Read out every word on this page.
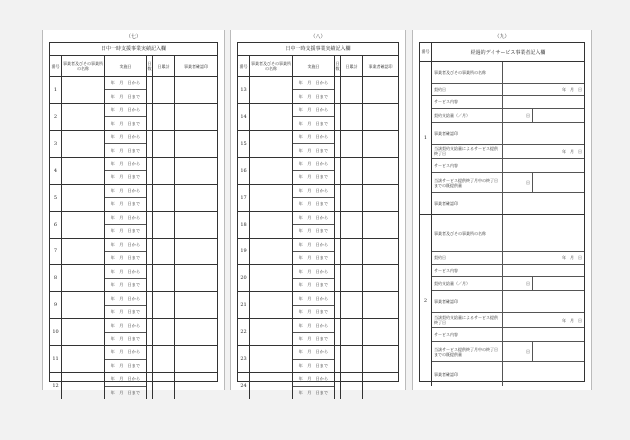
（七）
日中一時支援事業実績記入欄
番号 事業者及びその事業所の名称	実施日	日数	日累計	事業者確認印
1
年　月　日から
年　月　日まで
2
年　月　日から
年　月　日まで
3
年　月　日から
年　月　日まで
4
年　月　日から
年　月　日まで
5
年　月　日から
年　月　日まで
6
年　月　日から
年　月　日まで
7
年　月　日から
年　月　日まで
8
年　月　日から
年　月　日まで
9
年　月　日から
年　月　日まで
10
年　月　日から
年　月　日まで
11
年　月　日から
年　月　日まで
12
年　月　日から
年　月　日まで
（八）
日中一時支援事業実績記入欄
番号 事業者及びその事業所の名称	実施日	日数	日累計	事業者確認印
13
年　月　日から
年　月　日まで
14
年　月　日から
年　月　日まで
15
年　月　日から
年　月　日まで
16
年　月　日から
年　月　日まで
17
年　月　日から
年　月　日まで
18
年　月　日から
年　月　日まで
19
年　月　日から
年　月　日まで
20
年　月　日から
年　月　日まで
21
年　月　日から
年　月　日まで
22
年　月　日から
年　月　日まで
23
年　月　日から
年　月　日まで
24
年　月　日から
年　月　日まで
（九）
番号	経過的デイサービス事業者記入欄
1
事業者及びその事業所の名称
契約日	年　月　日
サービス内容
契約支給量（／月）	日
事業者確認印
当該契約支給量によるサービス提供終了日	年　月　日
サービス内容
当該サービス提供終了月中の終了日までの既提供量	日
事業者確認印
2
事業者及びその事業所の名称
契約日	年　月　日
サービス内容
契約支給量（／月）	日
事業者確認印
当該契約支給量によるサービス提供終了日	年　月　日
サービス内容
当該サービス提供終了月中の終了日までの既提供量	日
事業者確認印
